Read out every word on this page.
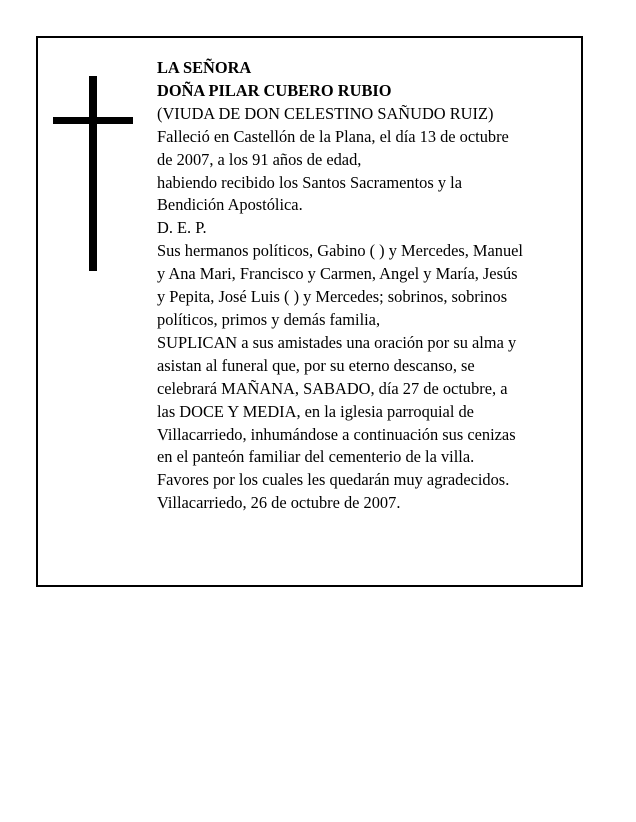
LA SEÑORA
DOÑA PILAR CUBERO RUBIO
(VIUDA DE DON CELESTINO SAÑUDO RUIZ)
Falleció en Castellón de la Plana, el día 13 de octubre
de 2007, a los 91 años de edad,
habiendo recibido los Santos Sacramentos y la
Bendición Apostólica.
D. E. P.
Sus hermanos políticos, Gabino ( ) y Mercedes, Manuel
y Ana Mari, Francisco y Carmen, Angel y María, Jesús
y Pepita, José Luis ( ) y Mercedes; sobrinos, sobrinos
políticos, primos y demás familia,
SUPLICAN a sus amistades una oración por su alma y
asistan al funeral que, por su eterno descanso, se
celebrará MAÑANA, SABADO, día 27 de octubre, a
las DOCE Y MEDIA, en la iglesia parroquial de
Villacarriedo, inhumándose a continuación sus cenizas
en el panteón familiar del cementerio de la villa.
Favores por los cuales les quedarán muy agradecidos.
Villacarriedo, 26 de octubre de 2007.
